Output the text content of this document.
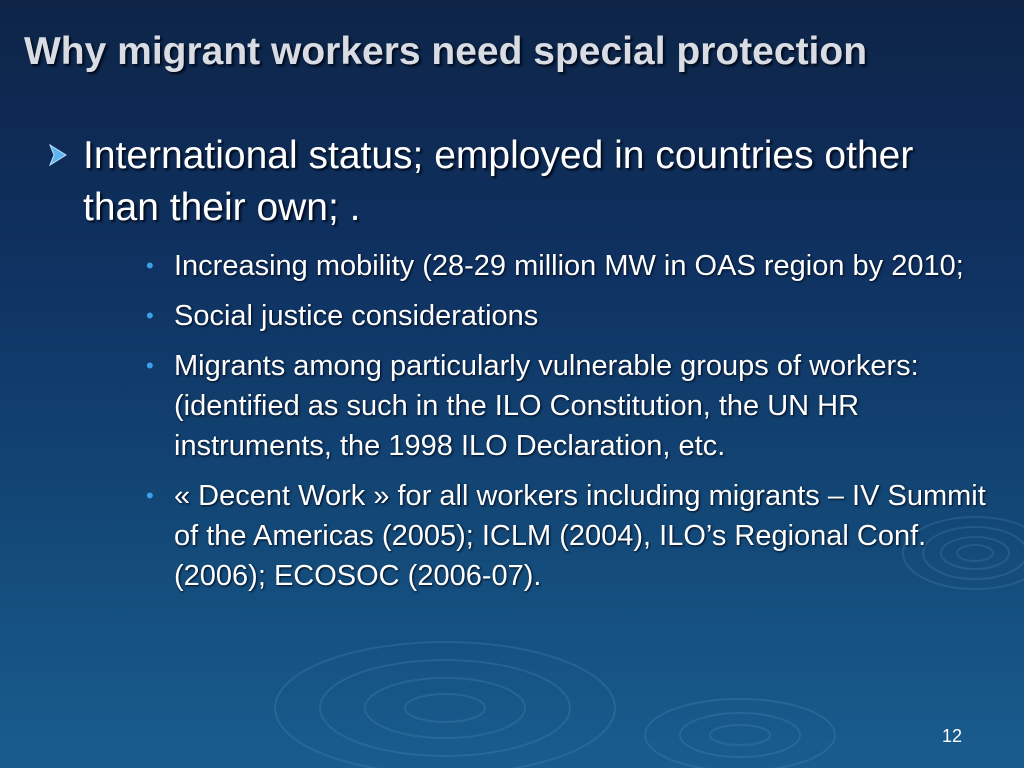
Why migrant workers need special protection
International status; employed in countries other than their own; .
• Increasing mobility (28-29 million MW in OAS region by 2010;
• Social justice considerations
• Migrants among particularly vulnerable groups of workers: (identified as such in the ILO Constitution, the UN HR instruments, the 1998 ILO Declaration, etc.
• « Decent Work » for all workers including migrants – IV Summit of the Americas (2005); ICLM (2004), ILO’s Regional Conf. (2006); ECOSOC (2006-07).
12
